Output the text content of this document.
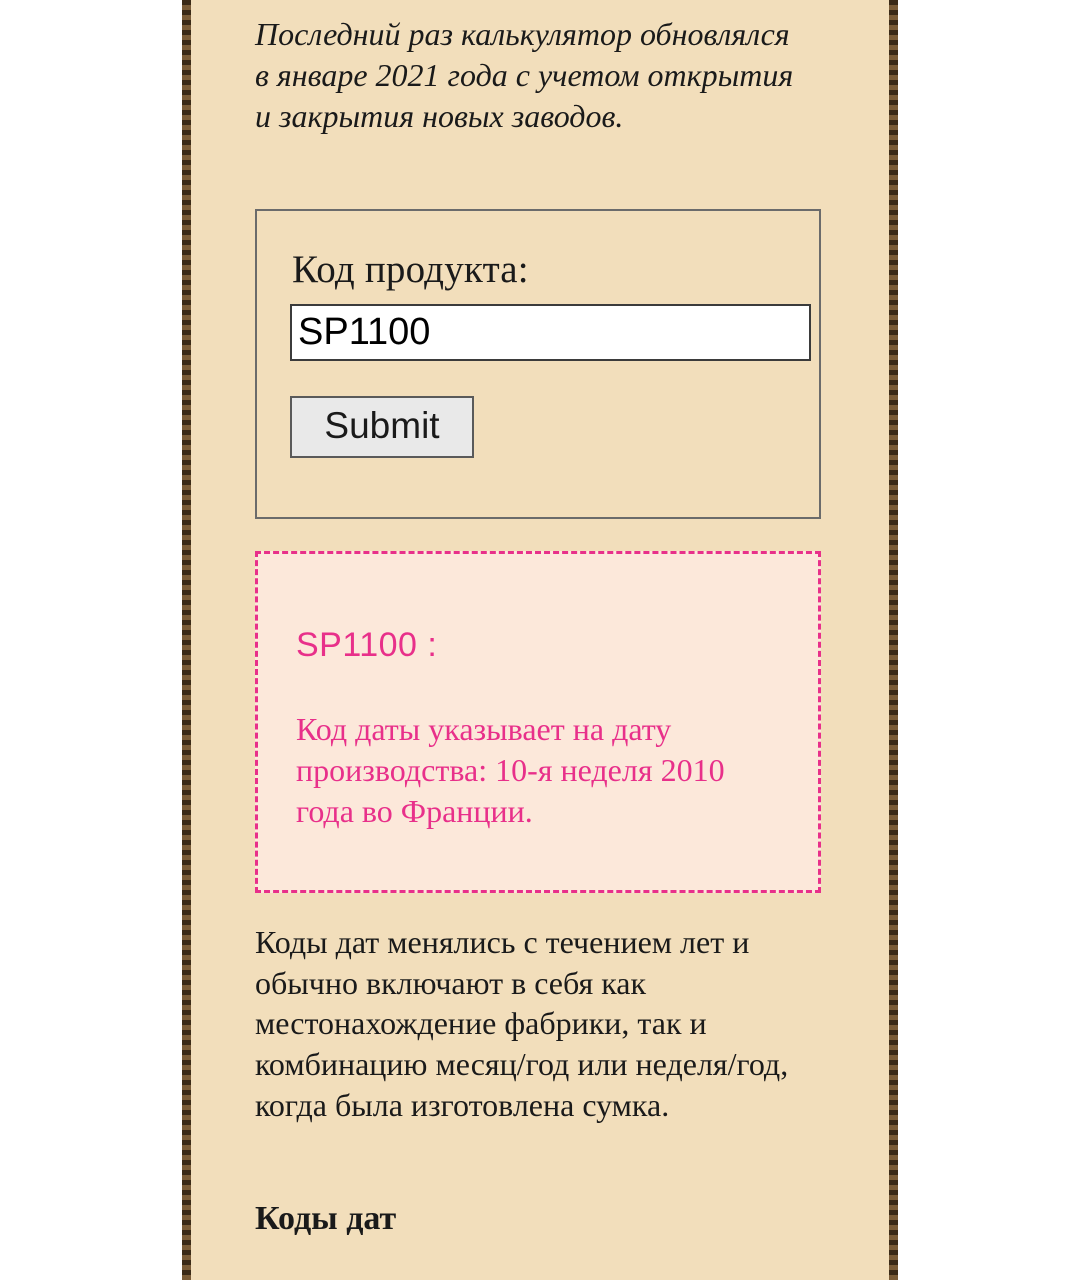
Последний раз калькулятор обновлялся в январе 2021 года с учетом открытия и закрытия новых заводов.
Код продукта:
SP1100
Submit
SP1100 :
Код даты указывает на дату производства: 10-я неделя 2010 года во Франции.
Коды дат менялись с течением лет и обычно включают в себя как местонахождение фабрики, так и комбинацию месяц/год или неделя/год, когда была изготовлена сумка.
Коды дат
